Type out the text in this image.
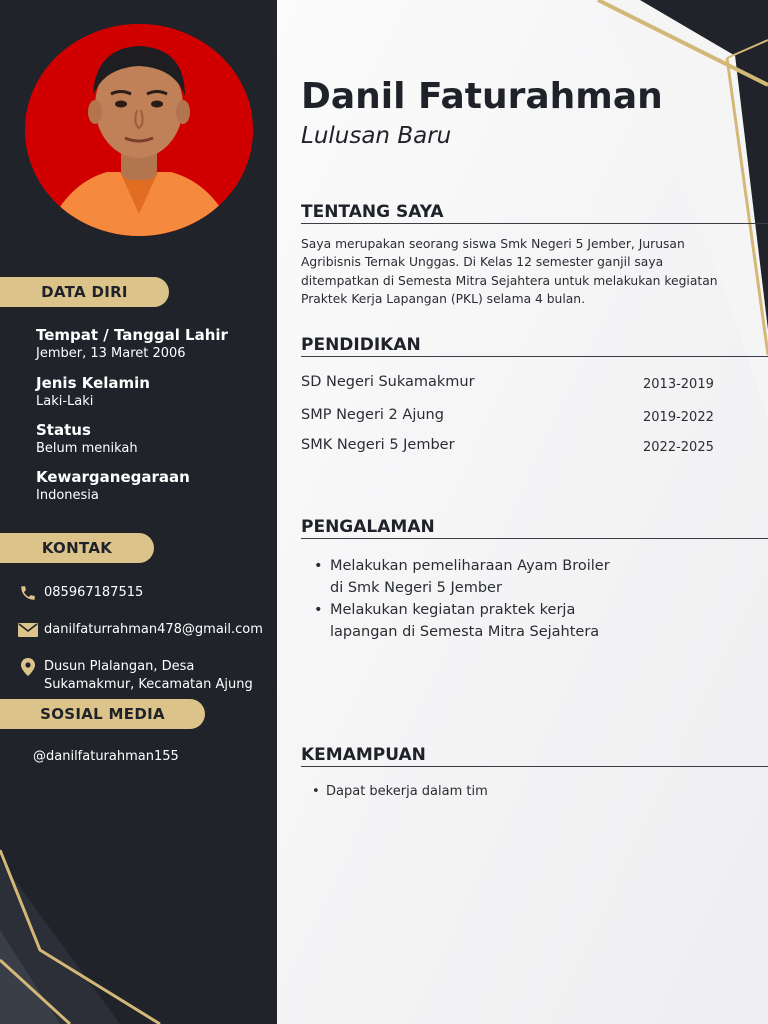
DATA DIRI
Tempat / Tanggal Lahir
Jember, 13 Maret 2006
Jenis Kelamin
Laki-Laki
Status
Belum menikah
Kewarganegaraan
Indonesia
KONTAK
085967187515
danilfaturrahman478@gmail.com
Dusun Plalangan, Desa
Sukamakmur, Kecamatan Ajung
SOSIAL MEDIA
@danilfaturahman155
Danil Faturahman
Lulusan Baru
TENTANG SAYA

Saya merupakan seorang siswa Smk Negeri 5 Jember, Jurusan Agribisnis Ternak Unggas. Di Kelas 12 semester ganjil saya ditempatkan di Semesta Mitra Sejahtera untuk melakukan kegiatan Praktek Kerja Lapangan (PKL) selama 4 bulan.

PENDIDIKAN
SD Negeri Sukamakmur	2013-2019
SMP Negeri 2 Ajung	2019-2022
SMK Negeri 5 Jember	2022-2025
PENGALAMAN
• Melakukan pemeliharaan Ayam Broiler di Smk Negeri 5 Jember
• Melakukan kegiatan praktek kerja lapangan di Semesta Mitra Sejahtera
KEMAMPUAN
• Dapat bekerja dalam tim
